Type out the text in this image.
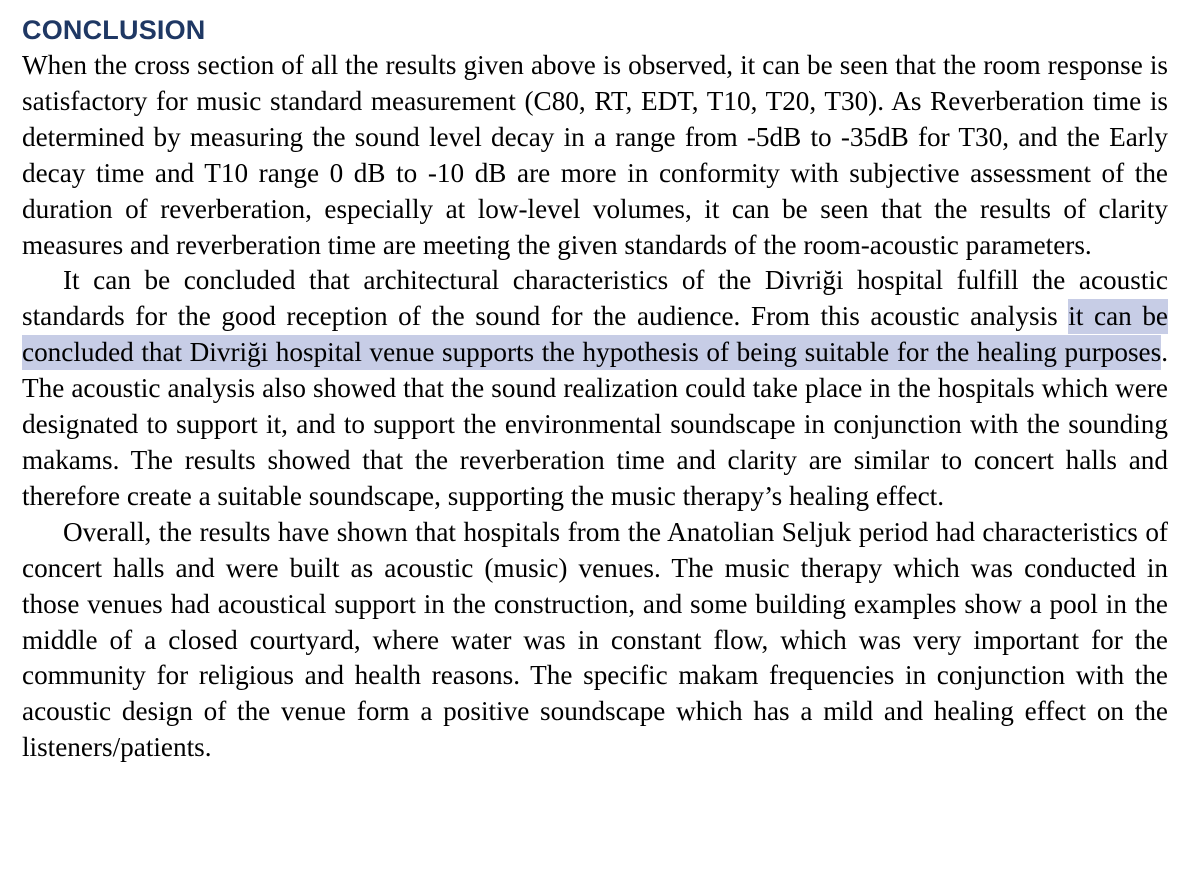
CONCLUSION

When the cross section of all the results given above is observed, it can be seen that the room response is satisfactory for music standard measurement (C80, RT, EDT, T10, T20, T30). As Reverberation time is determined by measuring the sound level decay in a range from -5dB to -35dB for T30, and the Early decay time and T10 range 0 dB to -10 dB are more in conformity with subjective assessment of the duration of reverberation, especially at low-level volumes, it can be seen that the results of clarity measures and reverberation time are meeting the given standards of the room-acoustic parameters.

It can be concluded that architectural characteristics of the Divriği hospital fulfill the acoustic standards for the good reception of the sound for the audience. From this acoustic analysis it can be concluded that Divriği hospital venue supports the hypothesis of being suitable for the healing purposes. The acoustic analysis also showed that the sound realization could take place in the hospitals which were designated to support it, and to support the environmental soundscape in conjunction with the sounding makams. The results showed that the reverberation time and clarity are similar to concert halls and therefore create a suitable soundscape, supporting the music therapy’s healing effect.

Overall, the results have shown that hospitals from the Anatolian Seljuk period had characteristics of concert halls and were built as acoustic (music) venues. The music therapy which was conducted in those venues had acoustical support in the construction, and some building examples show a pool in the middle of a closed courtyard, where water was in constant flow, which was very important for the community for religious and health reasons. The specific makam frequencies in conjunction with the acoustic design of the venue form a positive soundscape which has a mild and healing effect on the listeners/patients.
